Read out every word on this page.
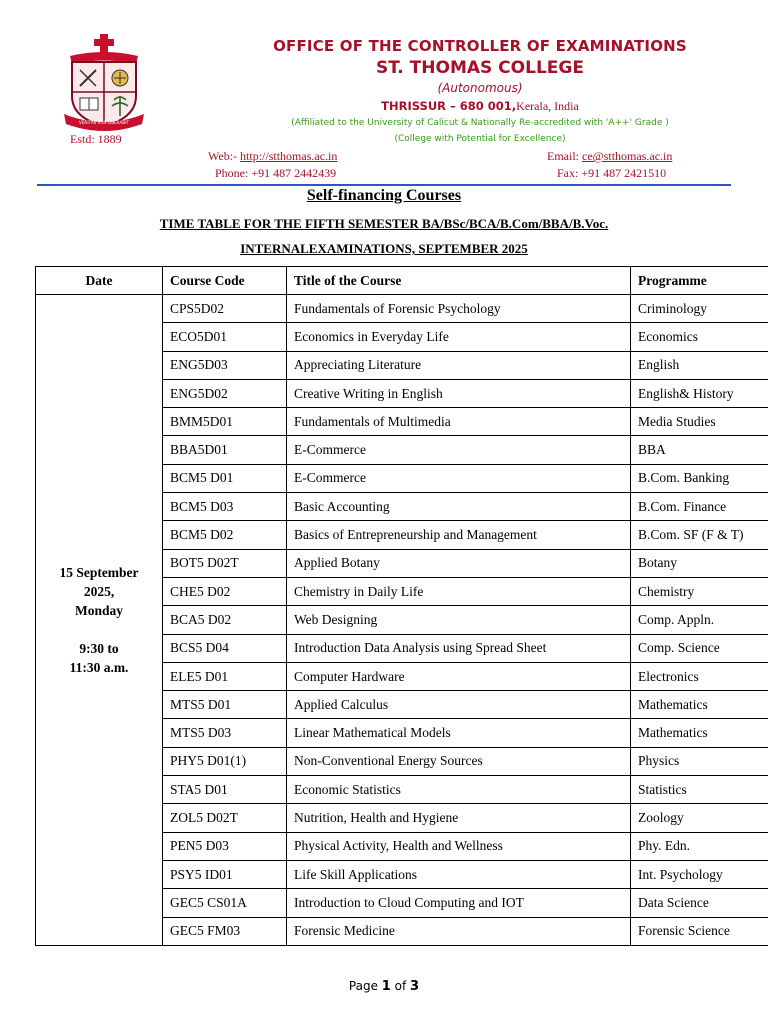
VERITAS VOS LIBERABIT
Estd: 1889
OFFICE OF THE CONTROLLER OF EXAMINATIONS
ST. THOMAS COLLEGE
(Autonomous)
THRISSUR – 680 001,Kerala, India
(Affiliated to the University of Calicut & Nationally Re-accredited with 'A++' Grade )
(College with Potential for Excellence)
Web:- http://stthomas.ac.in
Phone: +91 487 2442439
Email: ce@stthomas.ac.in
Fax: +91 487 2421510
Self-financing Courses
TIME TABLE FOR THE FIFTH SEMESTER BA/BSc/BCA/B.Com/BBA/B.Voc.
INTERNALEXAMINATIONS, SEPTEMBER 2025
Date	Course Code	Title of the Course	Programme

15 September
2025,
Monday
9:30 to
11:30 a.m.	CPS5D02	Fundamentals of Forensic Psychology	Criminology
	ECO5D01	Economics in Everyday Life	Economics
	ENG5D03	Appreciating Literature	English
	ENG5D02	Creative Writing in English	English& History
	BMM5D01	Fundamentals of Multimedia	Media Studies
	BBA5D01	E-Commerce	BBA
	BCM5 D01	E-Commerce	B.Com. Banking
	BCM5 D03	Basic Accounting	B.Com. Finance
	BCM5 D02	Basics of Entrepreneurship and Management	B.Com. SF (F & T)
	BOT5 D02T	Applied Botany	Botany
	CHE5 D02	Chemistry in Daily Life	Chemistry
	BCA5 D02	Web Designing	Comp. Appln.
	BCS5 D04	Introduction Data Analysis using Spread Sheet	Comp. Science
	ELE5 D01	Computer Hardware	Electronics
	MTS5 D01	Applied Calculus	Mathematics
	MTS5 D03	Linear Mathematical Models	Mathematics
	PHY5 D01(1)	Non-Conventional Energy Sources	Physics
	STA5 D01	Economic Statistics	Statistics
	ZOL5 D02T	Nutrition, Health and Hygiene	Zoology
	PEN5 D03	Physical Activity, Health and Wellness	Phy. Edn.
	PSY5 ID01	Life Skill Applications	Int. Psychology
	GEC5 CS01A	Introduction to Cloud Computing and IOT	Data Science
	GEC5 FM03	Forensic Medicine	Forensic Science
Page 1 of 3
